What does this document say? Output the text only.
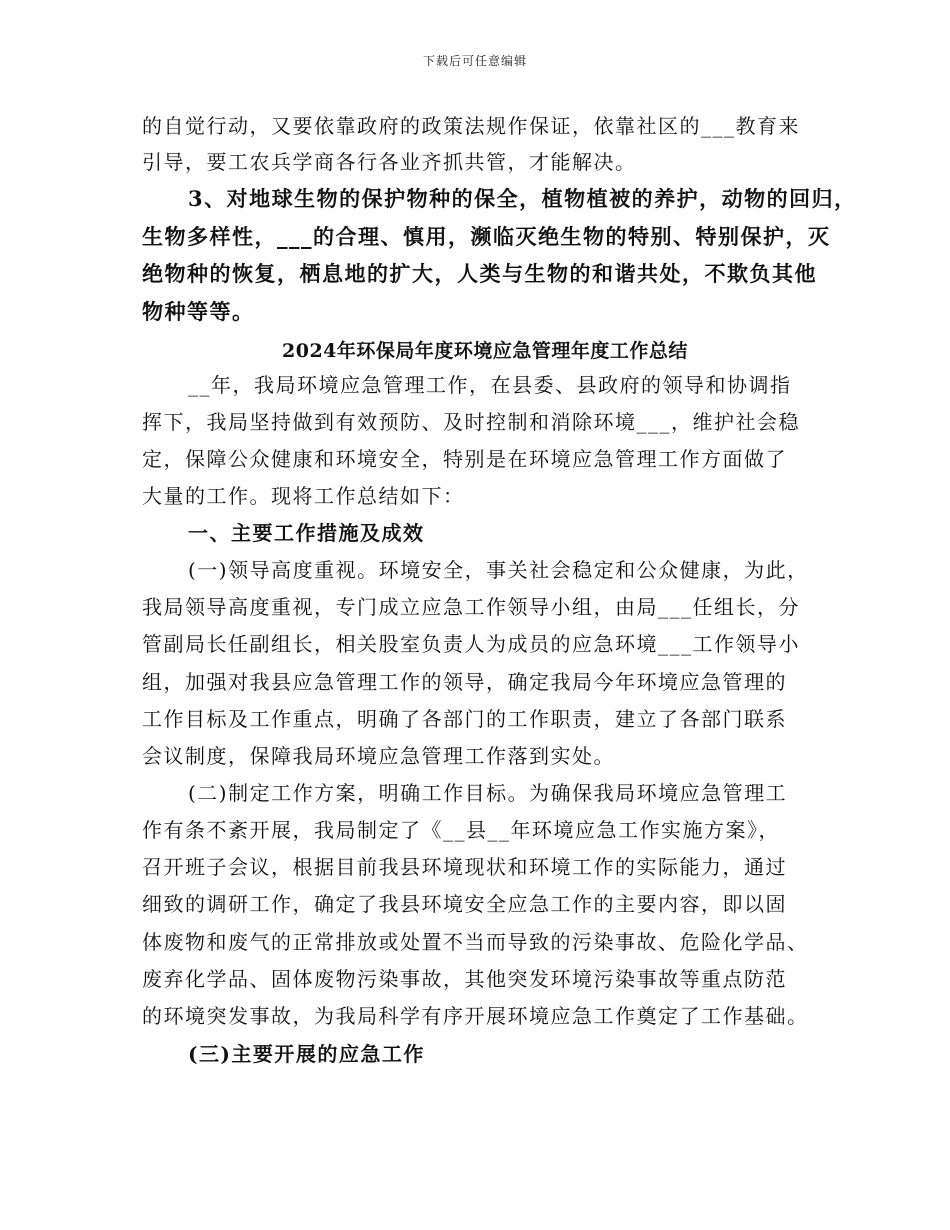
下载后可任意编辑
的自觉行动，又要依靠政府的政策法规作保证，依靠社区的___教育来
引导，要工农兵学商各行各业齐抓共管，才能解决。
3、对地球生物的保护物种的保全，植物植被的养护，动物的回归，
生物多样性，___的合理、慎用，濒临灭绝生物的特别、特别保护，灭
绝物种的恢复，栖息地的扩大，人类与生物的和谐共处，不欺负其他
物种等等。
2024年环保局年度环境应急管理年度工作总结
__年，我局环境应急管理工作，在县委、县政府的领导和协调指
挥下，我局坚持做到有效预防、及时控制和消除环境___，维护社会稳
定，保障公众健康和环境安全，特别是在环境应急管理工作方面做了
大量的工作。现将工作总结如下：
一、主要工作措施及成效
(一)领导高度重视。环境安全，事关社会稳定和公众健康，为此，
我局领导高度重视，专门成立应急工作领导小组，由局___任组长，分
管副局长任副组长，相关股室负责人为成员的应急环境___工作领导小
组，加强对我县应急管理工作的领导，确定我局今年环境应急管理的
工作目标及工作重点，明确了各部门的工作职责，建立了各部门联系
会议制度，保障我局环境应急管理工作落到实处。
(二)制定工作方案，明确工作目标。为确保我局环境应急管理工
作有条不紊开展，我局制定了《__县__年环境应急工作实施方案》，
召开班子会议，根据目前我县环境现状和环境工作的实际能力，通过
细致的调研工作，确定了我县环境安全应急工作的主要内容，即以固
体废物和废气的正常排放或处置不当而导致的污染事故、危险化学品、
废弃化学品、固体废物污染事故，其他突发环境污染事故等重点防范
的环境突发事故，为我局科学有序开展环境应急工作奠定了工作基础。
(三)主要开展的应急工作
